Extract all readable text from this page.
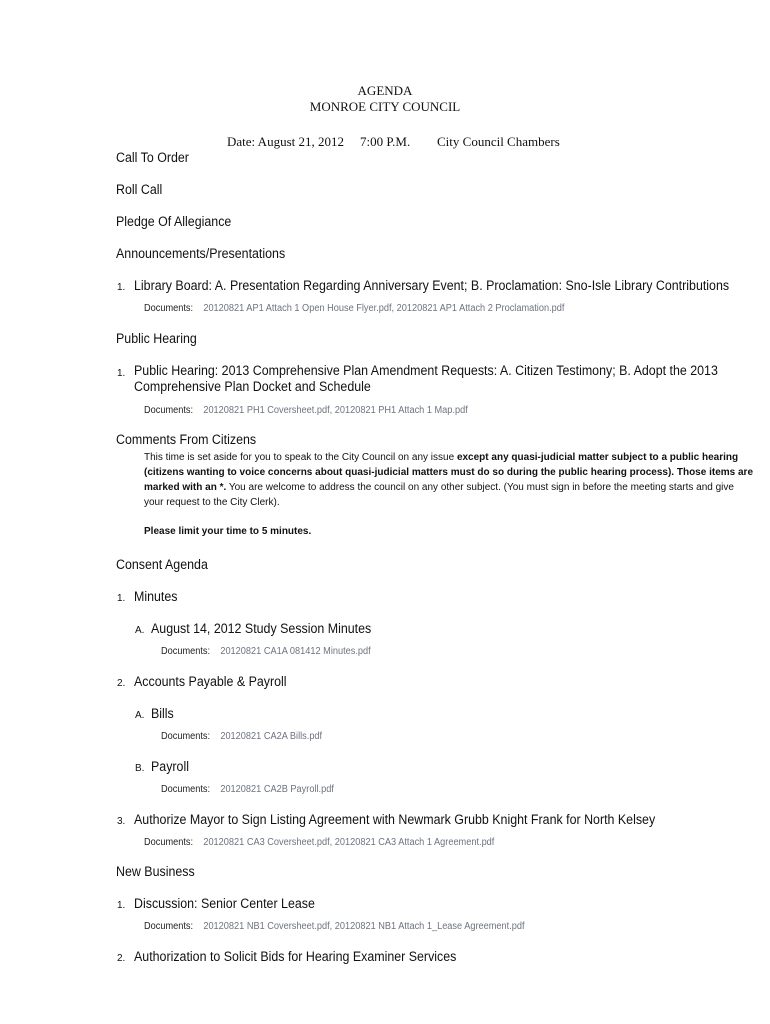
AGENDA
MONROE CITY COUNCIL
Date: August 21, 2012 7:00 P.M. City Council Chambers
Call To Order
Roll Call
Pledge Of Allegiance
Announcements/Presentations
1. Library Board: A. Presentation Regarding Anniversary Event; B. Proclamation: Sno-Isle Library Contributions
Documents: 20120821 AP1 Attach 1 Open House Flyer.pdf, 20120821 AP1 Attach 2 Proclamation.pdf
Public Hearing
1. Public Hearing: 2013 Comprehensive Plan Amendment Requests: A. Citizen Testimony; B. Adopt the 2013
Comprehensive Plan Docket and Schedule
Documents: 20120821 PH1 Coversheet.pdf, 20120821 PH1 Attach 1 Map.pdf
Comments From Citizens
This time is set aside for you to speak to the City Council on any issue except any quasi-judicial matter subject to a public hearing (citizens wanting to voice concerns about quasi-judicial matters must do so during the public hearing process). Those items are marked with an *. You are welcome to address the council on any other subject. (You must sign in before the meeting starts and give your request to the City Clerk).
Please limit your time to 5 minutes.
Consent Agenda
1. Minutes
A. August 14, 2012 Study Session Minutes
Documents: 20120821 CA1A 081412 Minutes.pdf
2. Accounts Payable & Payroll
A. Bills
Documents: 20120821 CA2A Bills.pdf
B. Payroll
Documents: 20120821 CA2B Payroll.pdf
3. Authorize Mayor to Sign Listing Agreement with Newmark Grubb Knight Frank for North Kelsey
Documents: 20120821 CA3 Coversheet.pdf, 20120821 CA3 Attach 1 Agreement.pdf
New Business
1. Discussion: Senior Center Lease
Documents: 20120821 NB1 Coversheet.pdf, 20120821 NB1 Attach 1_Lease Agreement.pdf
2. Authorization to Solicit Bids for Hearing Examiner Services
